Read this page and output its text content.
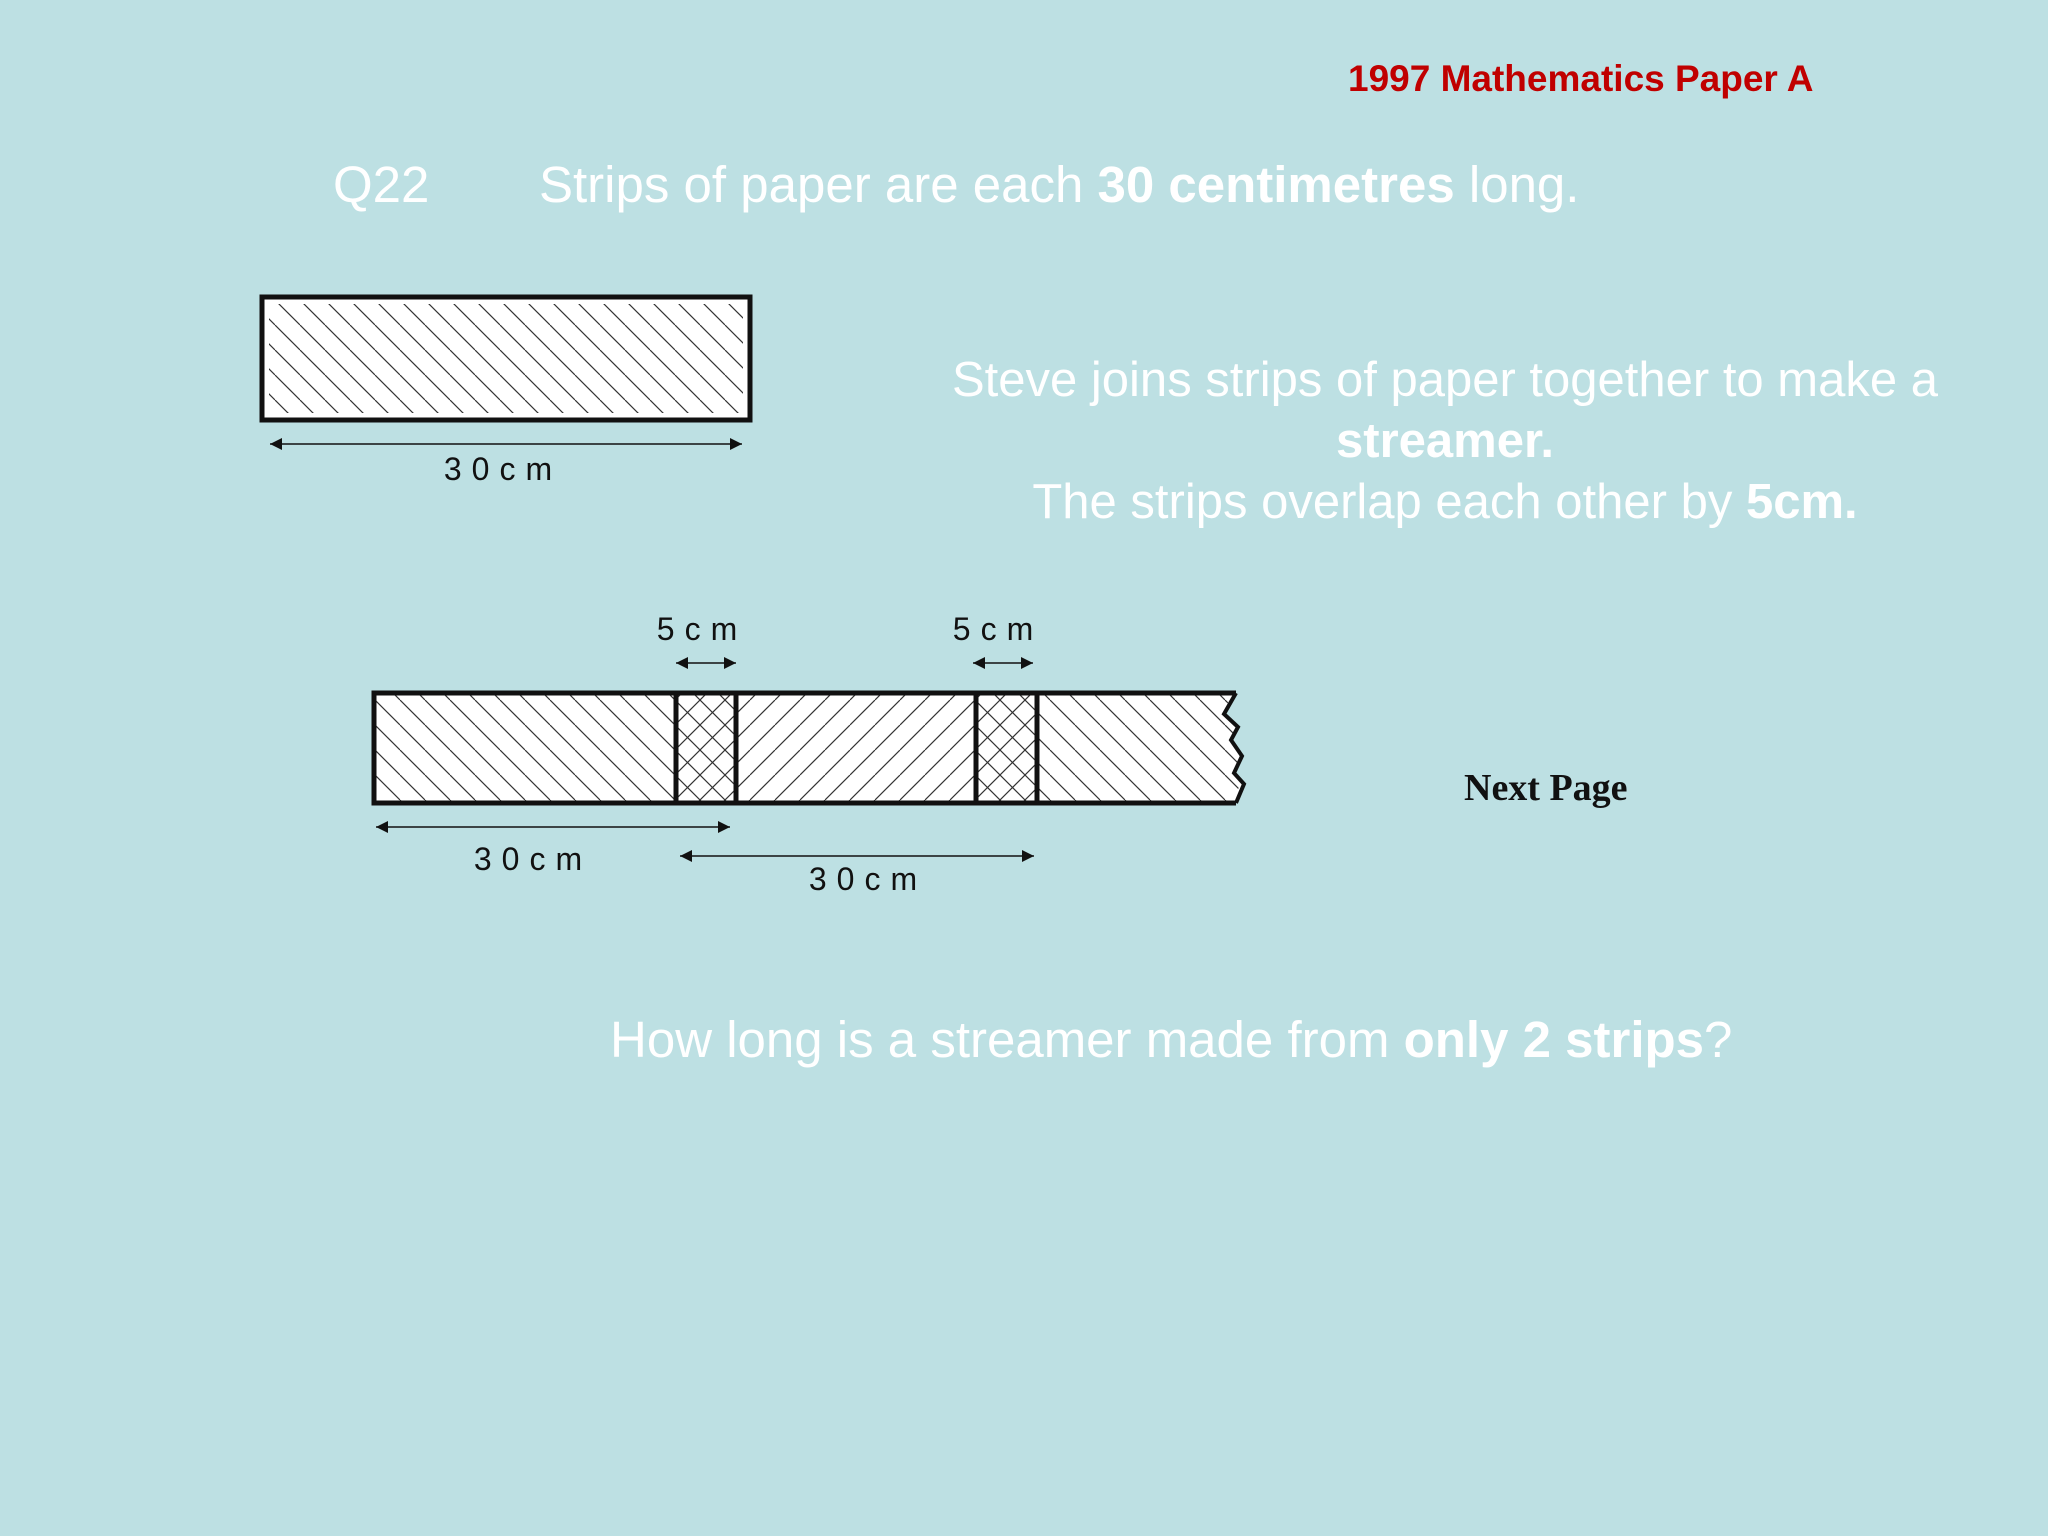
1997 Mathematics Paper A
Q22 Strips of paper are each 30 centimetres long.
Steve joins strips of paper together to make a
streamer.
The strips overlap each other by 5cm.
30cm
5cm	5cm
30cm
30cm
Next Page
How long is a streamer made from only 2 strips?
